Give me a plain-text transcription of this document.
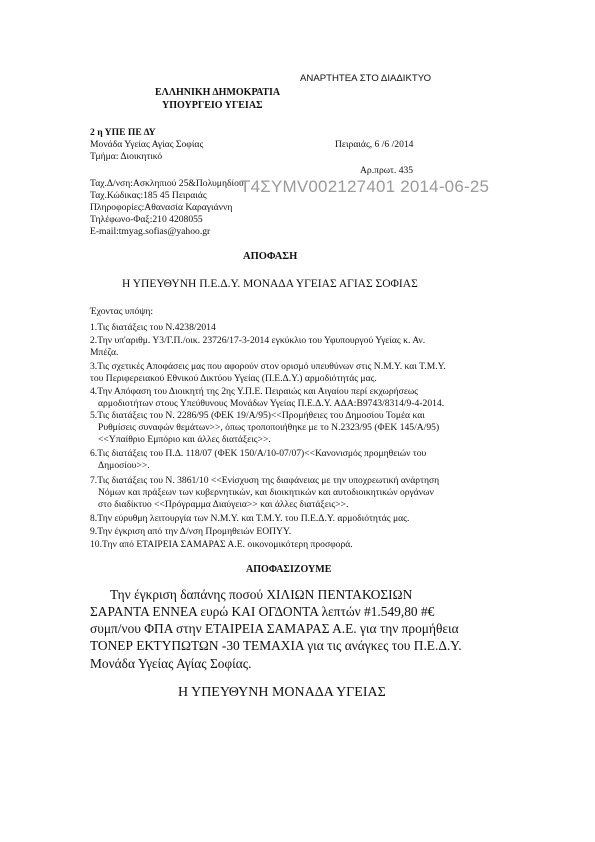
ΑΝΑΡΤΗΤΕΑ ΣΤΟ ΔΙΑΔΙΚΤΥΟ
ΕΛΛΗΝΙΚΗ ΔΗΜΟΚΡΑΤΙΑ
ΥΠΟΥΡΓΕΙΟ ΥΓΕΙΑΣ
2 η ΥΠΕ ΠΕ ΔΥ
Μονάδα Υγείας Αγίας Σοφίας	Πειραιάς, 6 /6 /2014
Τμήμα: Διοικητικό
Αρ.πρωτ. 435
Ταχ.Δ/νση:Ασκληπιού 25&Πολυμηδίου
Τ4ΣΥΜV002127401 2014-06-25
Ταχ.Κώδικας:185 45 Πειραιάς
Πληροφορίες:Αθανασία Καραγιάννη
Τηλέφωνο-Φαξ:210 4208055
E-mail:tmyag.sofias@yahoo.gr
ΑΠΟΦΑΣΗ
Η ΥΠΕΥΘΥΝΗ Π.Ε.Δ.Υ. ΜΟΝΑΔΑ ΥΓΕΙΑΣ ΑΓΙΑΣ ΣΟΦΙΑΣ
Έχοντας υπόψη:
1.Τις διατάξεις του Ν.4238/2014
2.Την υπ'αριθμ. Υ3/Γ.Π./οικ. 23726/17-3-2014 εγκύκλιο του Υφυπουργού Υγείας κ. Αν.
Μπέζα.
3.Τις σχετικές Αποφάσεις μας που αφορούν στον ορισμό υπευθύνων στις Ν.Μ.Υ. και Τ.Μ.Υ.
του Περιφερειακού Εθνικού Δικτύου Υγείας (Π.Ε.Δ.Υ.) αρμοδιότητάς μας.
4.Την Απόφαση του Διοικητή της 2ης Υ.Π.Ε. Πειραιώς και Αιγαίου περί εκχωρήσεως
αρμοδιοτήτων στους Υπεύθυνους Μονάδων Υγείας Π.Ε.Δ.Υ. ΑΔΑ:Β9743/8314/9-4-2014.
5.Τις διατάξεις του Ν. 2286/95 (ΦΕΚ 19/Α/95)<<Προμήθειες του Δημοσίου Τομέα και
Ρυθμίσεις συναφών θεμάτων>>, όπως τροποποιήθηκε με το Ν.2323/95 (ΦΕΚ 145/Α/95)
<<Υπαίθριο Εμπόριο και άλλες διατάξεις>>.
6.Τις διατάξεις του Π.Δ. 118/07 (ΦΕΚ 150/Α/10-07/07)<<Κανονισμός προμηθειών του
Δημοσίου>>.
7.Τις διατάξεις του Ν. 3861/10 <<Ενίσχυση της διαφάνειας με την υποχρεωτική ανάρτηση
Νόμων και πράξεων των κυβερνητικών, και διοικητικών και αυτοδιοικητικών οργάνων
στο διαδίκτυο <<Πρόγραμμα Διαύγεια>> και άλλες διατάξεις>>.
8.Την εύρυθμη λειτουργία των Ν.Μ.Υ. και Τ.Μ.Υ. του Π.Ε.Δ.Υ. αρμοδιότητάς μας.
9.Την έγκριση από την Δ/νση Προμηθειών ΕΟΠΥΥ.
10.Την από ΕΤΑΙΡΕΙΑ ΣΑΜΑΡΑΣ Α.Ε. οικονομικότερη προσφορά.
ΑΠΟΦΑΣΙΖΟΥΜΕ
Την έγκριση δαπάνης ποσού ΧΙΛΙΩΝ ΠΕΝΤΑΚΟΣΙΩΝ
ΣΑΡΑΝΤΑ ΕΝΝΕΑ ευρώ ΚΑΙ ΟΓΔΟΝΤΑ λεπτών #1.549,80 #€
συμπ/νου ΦΠΑ στην ΕΤΑΙΡΕΙΑ ΣΑΜΑΡΑΣ Α.Ε. για την προμήθεια
ΤΟΝΕΡ ΕΚΤΥΠΩΤΩΝ -30 ΤΕΜΑΧΙΑ για τις ανάγκες του Π.Ε.Δ.Υ.
Μονάδα Υγείας Αγίας Σοφίας.
Η ΥΠΕΥΘΥΝΗ ΜΟΝΑΔΑ ΥΓΕΙΑΣ
